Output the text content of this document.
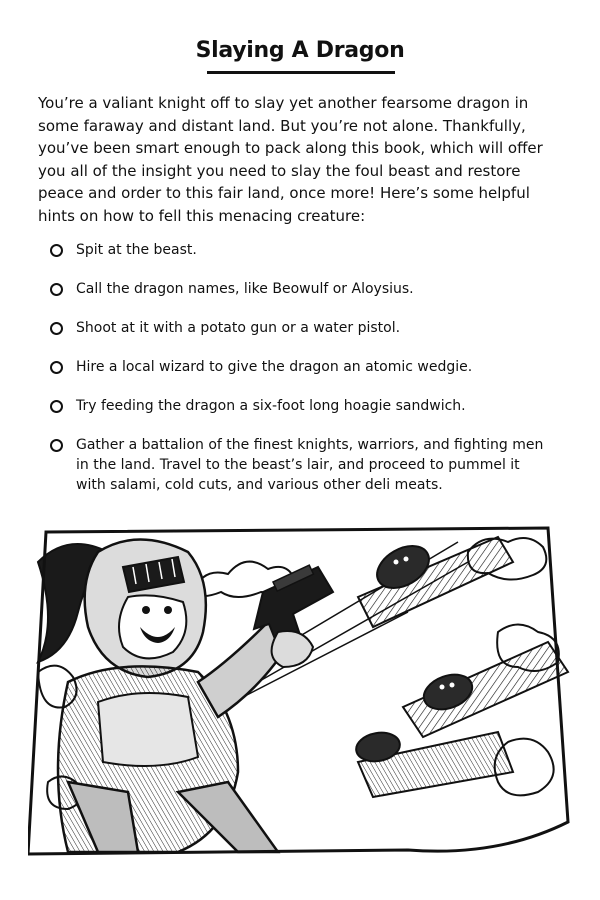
Slaying A Dragon

You’re a valiant knight off to slay yet another fearsome dragon in some faraway and distant land. But you’re not alone. Thankfully, you’ve been smart enough to pack along this book, which will offer you all of the insight you need to slay the foul beast and restore peace and order to this fair land, once more! Here’s some helpful hints on how to fell this menacing creature:

Spit at the beast.
Call the dragon names, like Beowulf or Aloysius.
Shoot at it with a potato gun or a water pistol.
Hire a local wizard to give the dragon an atomic wedgie.
Try feeding the dragon a six-foot long hoagie sandwich.
Gather a battalion of the finest knights, warriors, and fighting men in the land. Travel to the beast’s lair, and proceed to pummel it with salami, cold cuts, and various other deli meats.
